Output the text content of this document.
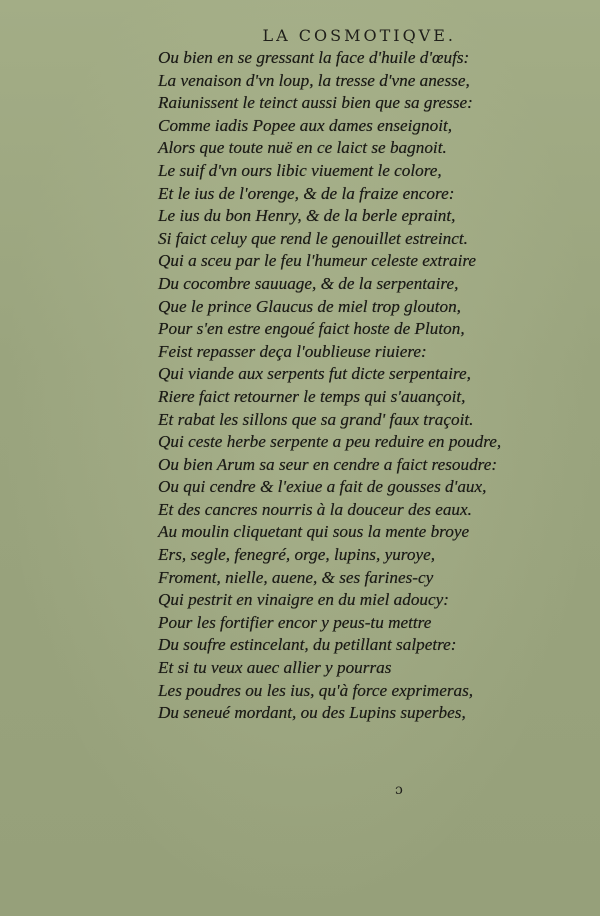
LA COSMOTIQVE.
Ou bien en se gressant la face d'huile d'œufs:
La venaison d'vn loup, la tresse d'vne anesse,
Raiunissent le teinct aussi bien que sa gresse:
Comme iadis Popee aux dames enseignoit,
Alors que toute nuë en ce laict se bagnoit.
Le suif d'vn ours libic viuement le colore,
Et le ius de l'orenge, & de la fraize encore:
Le ius du bon Henry, & de la berle epraint,
Si faict celuy que rend le genouillet estreinct.
Qui a sceu par le feu l'humeur celeste extraire
Du cocombre sauuage, & de la serpentaire,
Que le prince Glaucus de miel trop glouton,
Pour s'en estre engoué faict hoste de Pluton,
Feist repasser deça l'oublieuse riuiere:
Qui viande aux serpents fut dicte serpentaire,
Riere faict retourner le temps qui s'auançoit,
Et rabat les sillons que sa grand' faux traçoit.
Qui ceste herbe serpente a peu reduire en poudre,
Ou bien Arum sa seur en cendre a faict resoudre:
Ou qui cendre & l'exiue a fait de gousses d'aux,
Et des cancres nourris à la douceur des eaux.
Au moulin cliquetant qui sous la mente broye
Ers, segle, fenegré, orge, lupins, yuroye,
Froment, nielle, auene, & ses farines-cy
Qui pestrit en vinaigre en du miel adoucy:
Pour les fortifier encor y peus-tu mettre
Du soufre estincelant, du petillant salpetre:
Et si tu veux auec allier y pourras
Les poudres ou les ius, qu'à force exprimeras,
Du seneué mordant, ou des Lupins superbes,
ɔ
